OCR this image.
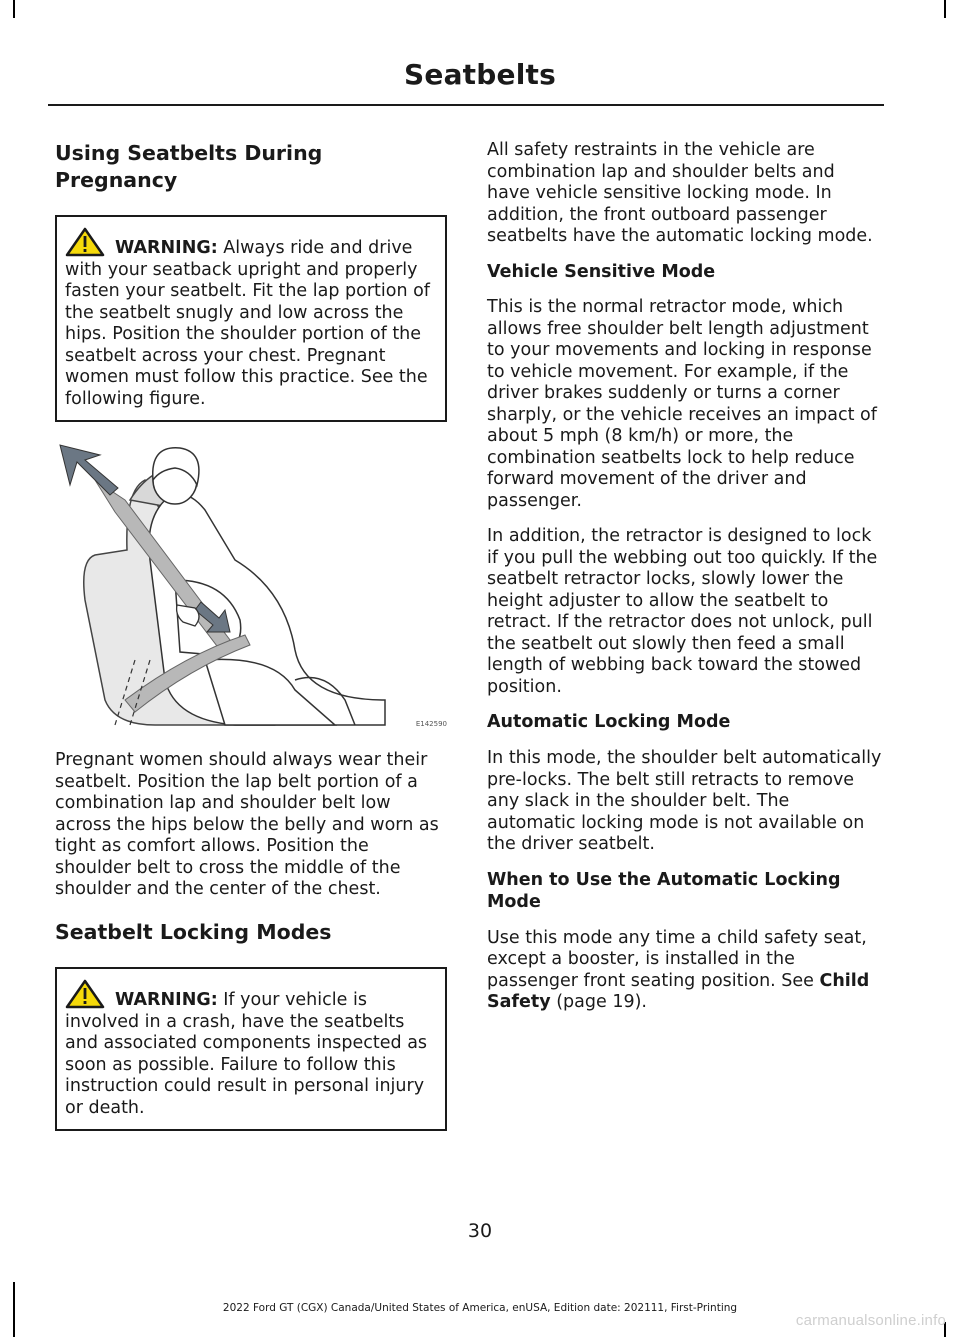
Seatbelts
Using Seatbelts During Pregnancy
WARNING: Always ride and drive with your seatback upright and properly fasten your seatbelt. Fit the lap portion of the seatbelt snugly and low across the hips. Position the shoulder portion of the seatbelt across your chest. Pregnant women must follow this practice. See the following figure.
E142590

Pregnant women should always wear their seatbelt. Position the lap belt portion of a combination lap and shoulder belt low across the hips below the belly and worn as tight as comfort allows. Position the shoulder belt to cross the middle of the shoulder and the center of the chest.

Seatbelt Locking Modes
WARNING: If your vehicle is involved in a crash, have the seatbelts and associated components inspected as soon as possible. Failure to follow this instruction could result in personal injury or death.

All safety restraints in the vehicle are combination lap and shoulder belts and have vehicle sensitive locking mode. In addition, the front outboard passenger seatbelts have the automatic locking mode.

Vehicle Sensitive Mode

This is the normal retractor mode, which allows free shoulder belt length adjustment to your movements and locking in response to vehicle movement. For example, if the driver brakes suddenly or turns a corner sharply, or the vehicle receives an impact of about 5 mph (8 km/h) or more, the combination seatbelts lock to help reduce forward movement of the driver and passenger.

In addition, the retractor is designed to lock if you pull the webbing out too quickly. If the seatbelt retractor locks, slowly lower the height adjuster to allow the seatbelt to retract. If the retractor does not unlock, pull the seatbelt out slowly then feed a small length of webbing back toward the stowed position.

Automatic Locking Mode

In this mode, the shoulder belt automatically pre-locks. The belt still retracts to remove any slack in the shoulder belt. The automatic locking mode is not available on the driver seatbelt.

When to Use the Automatic Locking Mode

Use this mode any time a child safety seat, except a booster, is installed in the passenger front seating position. See Child Safety (page 19).

30
2022 Ford GT (CGX) Canada/United States of America, enUSA, Edition date: 202111, First-Printing
carmanualsonline.info
